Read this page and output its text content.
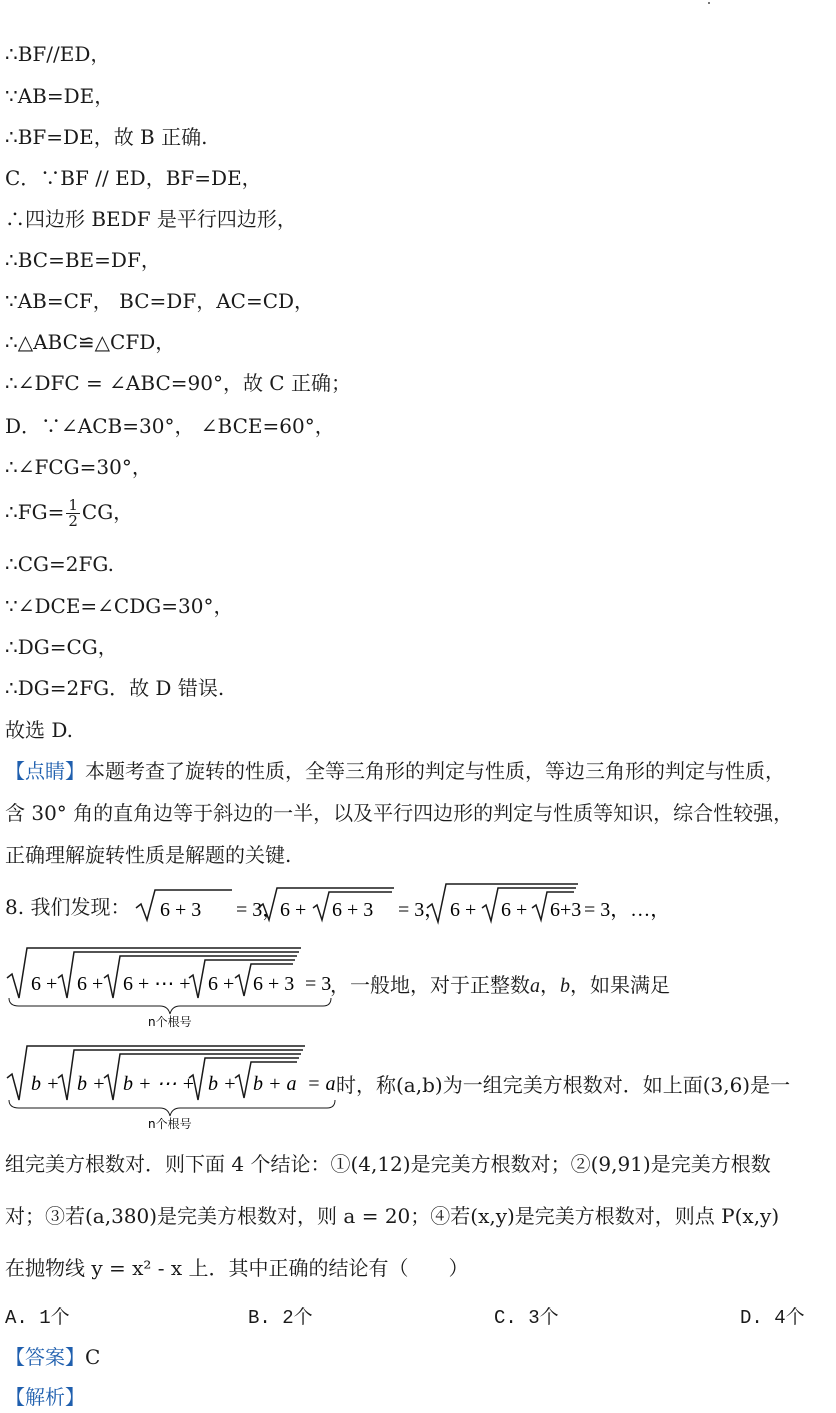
∴BF//ED，
∵AB=DE，
∴BF=DE，故 B 正确.
C．∵BF // ED，BF=DE，
∴四边形 BEDF 是平行四边形，
∴BC=BE=DF，
∵AB=CF， BC=DF，AC=CD，
∴△ABC≌△CFD，
∴∠DFC = ∠ABC=90°，故 C 正确；
D．∵∠ACB=30°， ∠BCE=60°，
∴∠FCG=30°，
∴FG= $\frac{1}{2}$ CG，
∴CG=2FG.
∵∠DCE=∠CDG=30°，
∴DG=CG，
∴DG=2FG．故 D 错误.
故选 D.
【点睛】本题考查了旋转的性质，全等三角形的判定与性质，等边三角形的判定与性质，
含 30° 角的直角边等于斜边的一半，以及平行四边形的判定与性质等知识，综合性较强，
正确理解旋转性质是解题的关键.
8. 我们发现： 6 + 3 = 3，
6 + 6 + 3 = 3， 6 + 6 + 6+3 = 3，…，
6 + 6 + 6 + ⋯ + 6 + 6 + 3 = 3
n个根号
，一般地，对于正整数a，b，如果满足
b + b + b + ⋯ + b + b + a = a
n个根号
时，称(a,b)为一组完美方根数对．如上面(3,6)是一
组完美方根数对．则下面 4 个结论：①(4,12)是完美方根数对；②(9,91)是完美方根数
对；③若(a,380)是完美方根数对，则 a = 20；④若(x,y)是完美方根数对，则点 P(x,y)
在抛物线 y = x² - x 上．其中正确的结论有（　　）
A. 1个	B. 2个	C. 3个	D. 4个
【答案】C
【解析】
